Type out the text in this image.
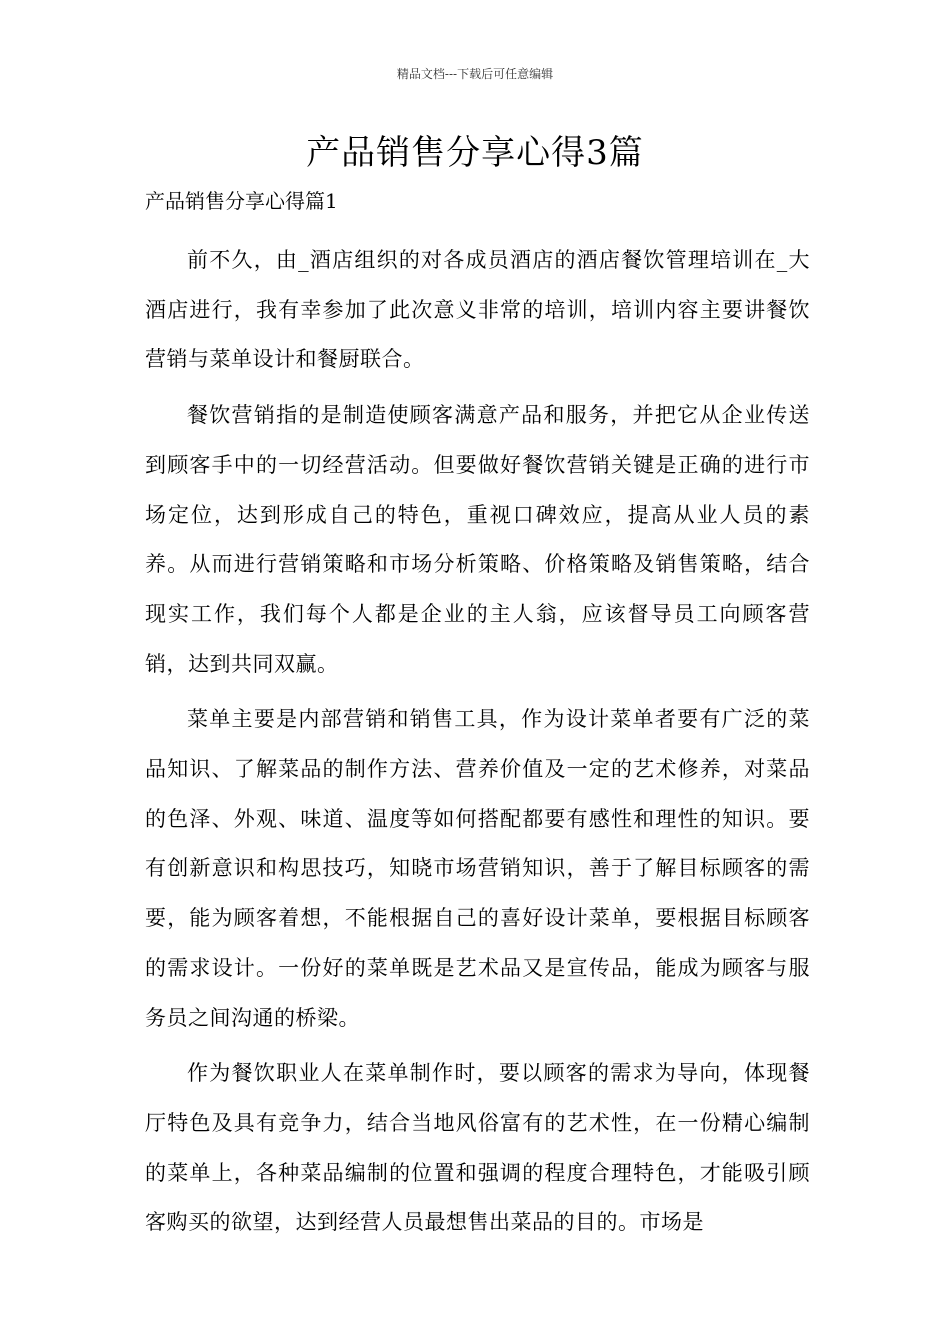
精品文档---下载后可任意编辑
产品销售分享心得3篇
产品销售分享心得篇1

前不久，由_酒店组织的对各成员酒店的酒店餐饮管理培训在_大酒店进行，我有幸参加了此次意义非常的培训，培训内容主要讲餐饮营销与菜单设计和餐厨联合。

餐饮营销指的是制造使顾客满意产品和服务，并把它从企业传送到顾客手中的一切经营活动。但要做好餐饮营销关键是正确的进行市场定位，达到形成自己的特色，重视口碑效应，提高从业人员的素养。从而进行营销策略和市场分析策略、价格策略及销售策略，结合现实工作，我们每个人都是企业的主人翁，应该督导员工向顾客营销，达到共同双赢。

菜单主要是内部营销和销售工具，作为设计菜单者要有广泛的菜品知识、了解菜品的制作方法、营养价值及一定的艺术修养，对菜品的色泽、外观、味道、温度等如何搭配都要有感性和理性的知识。要有创新意识和构思技巧，知晓市场营销知识，善于了解目标顾客的需要，能为顾客着想，不能根据自己的喜好设计菜单，要根据目标顾客的需求设计。一份好的菜单既是艺术品又是宣传品，能成为顾客与服务员之间沟通的桥梁。

作为餐饮职业人在菜单制作时，要以顾客的需求为导向，体现餐厅特色及具有竞争力，结合当地风俗富有的艺术性，在一份精心编制的菜单上，各种菜品编制的位置和强调的程度合理特色，才能吸引顾客购买的欲望，达到经营人员最想售出菜品的目的。市场是
